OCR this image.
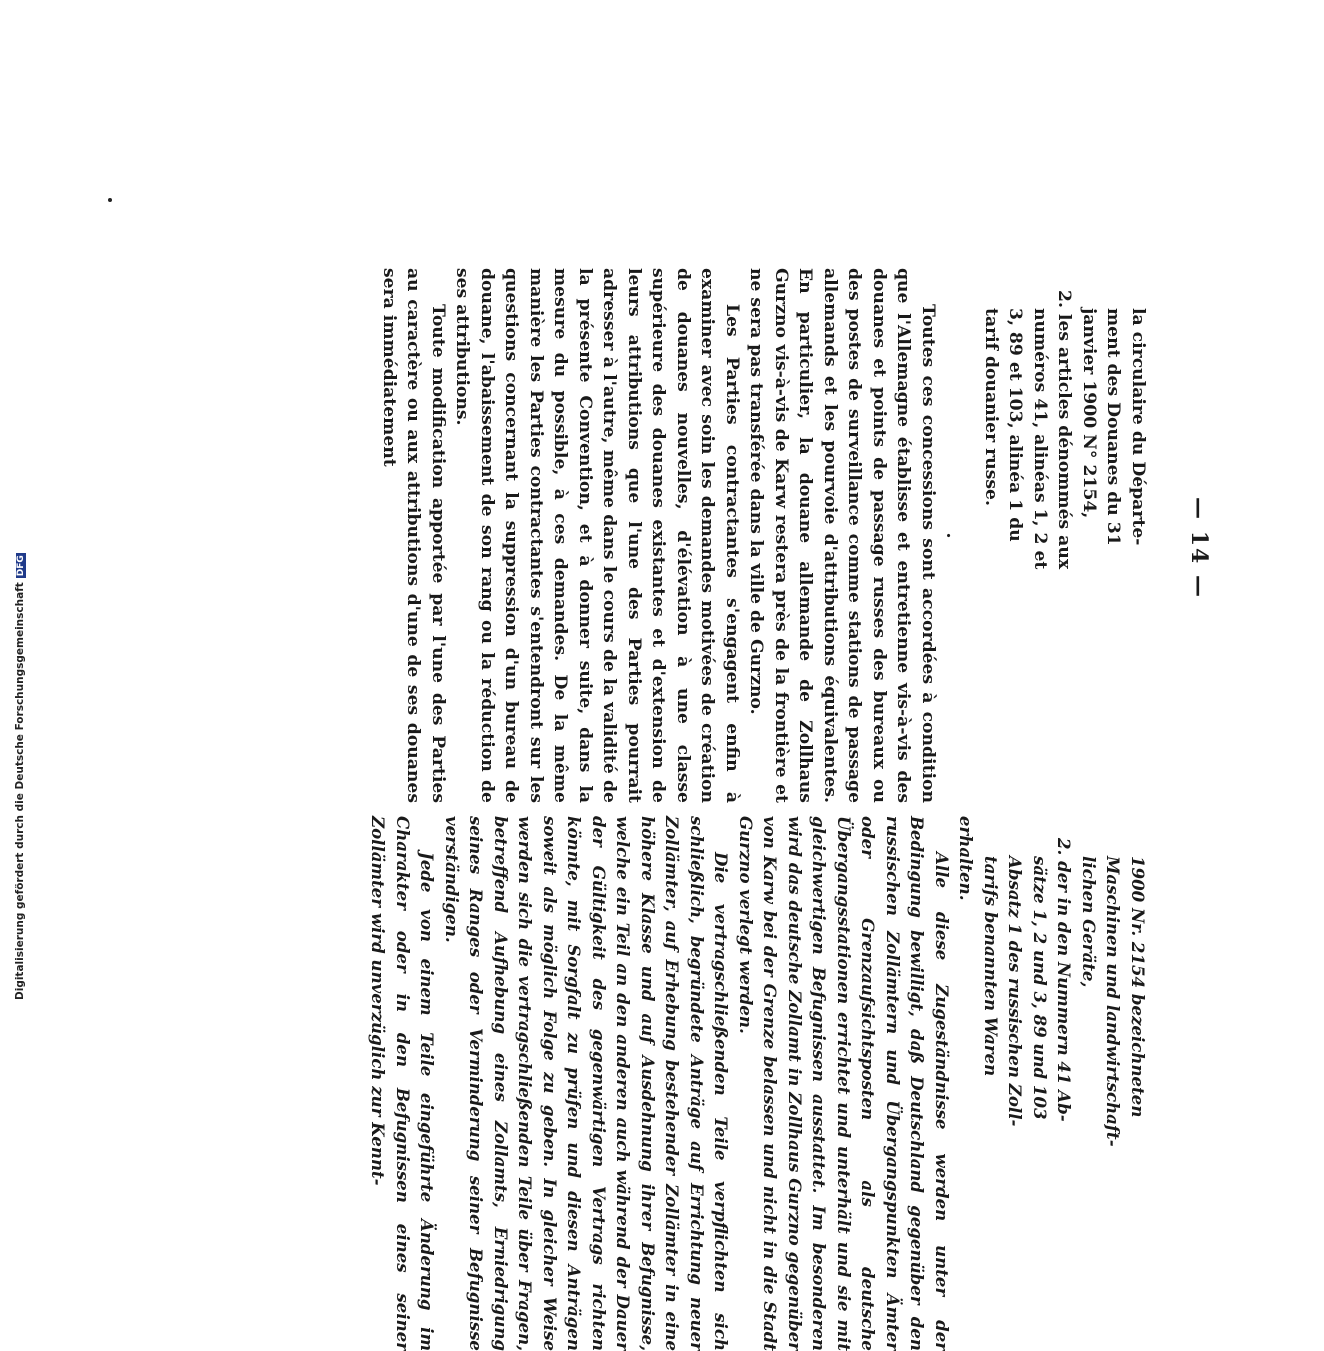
— 14 —

la circulaire du Départe-

ment des Douanes du 31

janvier 1900 N° 2154,

2. les articles dénommés aux

numéros 41, alinéas 1, 2 et

3, 89 et 103, alinéa 1 du

tarif douanier russe.

.

Toutes ces concessions sont accordées à condition que l'Allemagne établisse et entretienne vis-à-vis des douanes et points de passage russes des bureaux ou des postes de surveillance comme stations de passage allemands et les pourvoie d'attributions équivalentes. En particulier, la douane allemande de Zollhaus Gurzno vis-à-vis de Karw restera près de la frontière et ne sera pas transférée dans la ville de Gurzno.

Les Parties contractantes s'engagent enfin à examiner avec soin les demandes motivées de création de douanes nouvelles, d'élévation à une classe supérieure des douanes existantes et d'extension de leurs attributions que l'une des Parties pourrait adresser à l'autre, même dans le cours de la validité de la présente Convention, et à donner suite, dans la mesure du possible, à ces demandes. De la même manière les Parties contractantes s'entendront sur les questions concernant la suppression d'un bureau de douane, l'abaissement de son rang ou la réduction de ses attributions.

Toute modification apportée par l'une des Parties au caractère ou aux attributions d'une de ses douanes sera immédiatement

1900 Nr. 2154 bezeichneten

Maschinen und landwirtschaft-

lichen Geräte,

2. der in den Nummern 41 Ab-

sätze 1, 2 und 3, 89 und 103

Absatz 1 des russischen Zoll-

tarifs benannten Waren

erhalten.

Alle diese Zugeständnisse werden unter der Bedingung bewilligt, daß Deutschland gegenüber den russischen Zollämtern und Übergangspunkten Ämter oder Grenzaufsichtsposten als deutsche Übergangsstationen errichtet und unterhält und sie mit gleichwertigen Befugnissen ausstattet. Im besonderen wird das deutsche Zollamt in Zollhaus Gurzno gegenüber von Karw bei der Grenze belassen und nicht in die Stadt Gurzno verlegt werden.

Die vertragschließenden Teile verpflichten sich schließlich, begründete Anträge auf Errichtung neuer Zollämter, auf Erhebung bestehender Zollämter in eine höhere Klasse und auf Ausdehnung ihrer Befugnisse, welche ein Teil an den anderen auch während der Dauer der Gültigkeit des gegenwärtigen Vertrags richten könnte, mit Sorgfalt zu prüfen und diesen Anträgen soweit als möglich Folge zu geben. In gleicher Weise werden sich die vertragschließenden Teile über Fragen, betreffend Aufhebung eines Zollamts, Erniedrigung seines Ranges oder Verminderung seiner Befugnisse verständigen.

Jede von einem Teile eingeführte Änderung im Charakter oder in den Befugnissen eines seiner Zollämter wird unverzüglich zur Kennt-

Digitalisierung gefördert durch die Deutsche ForschungsgemeinschaftDFG
